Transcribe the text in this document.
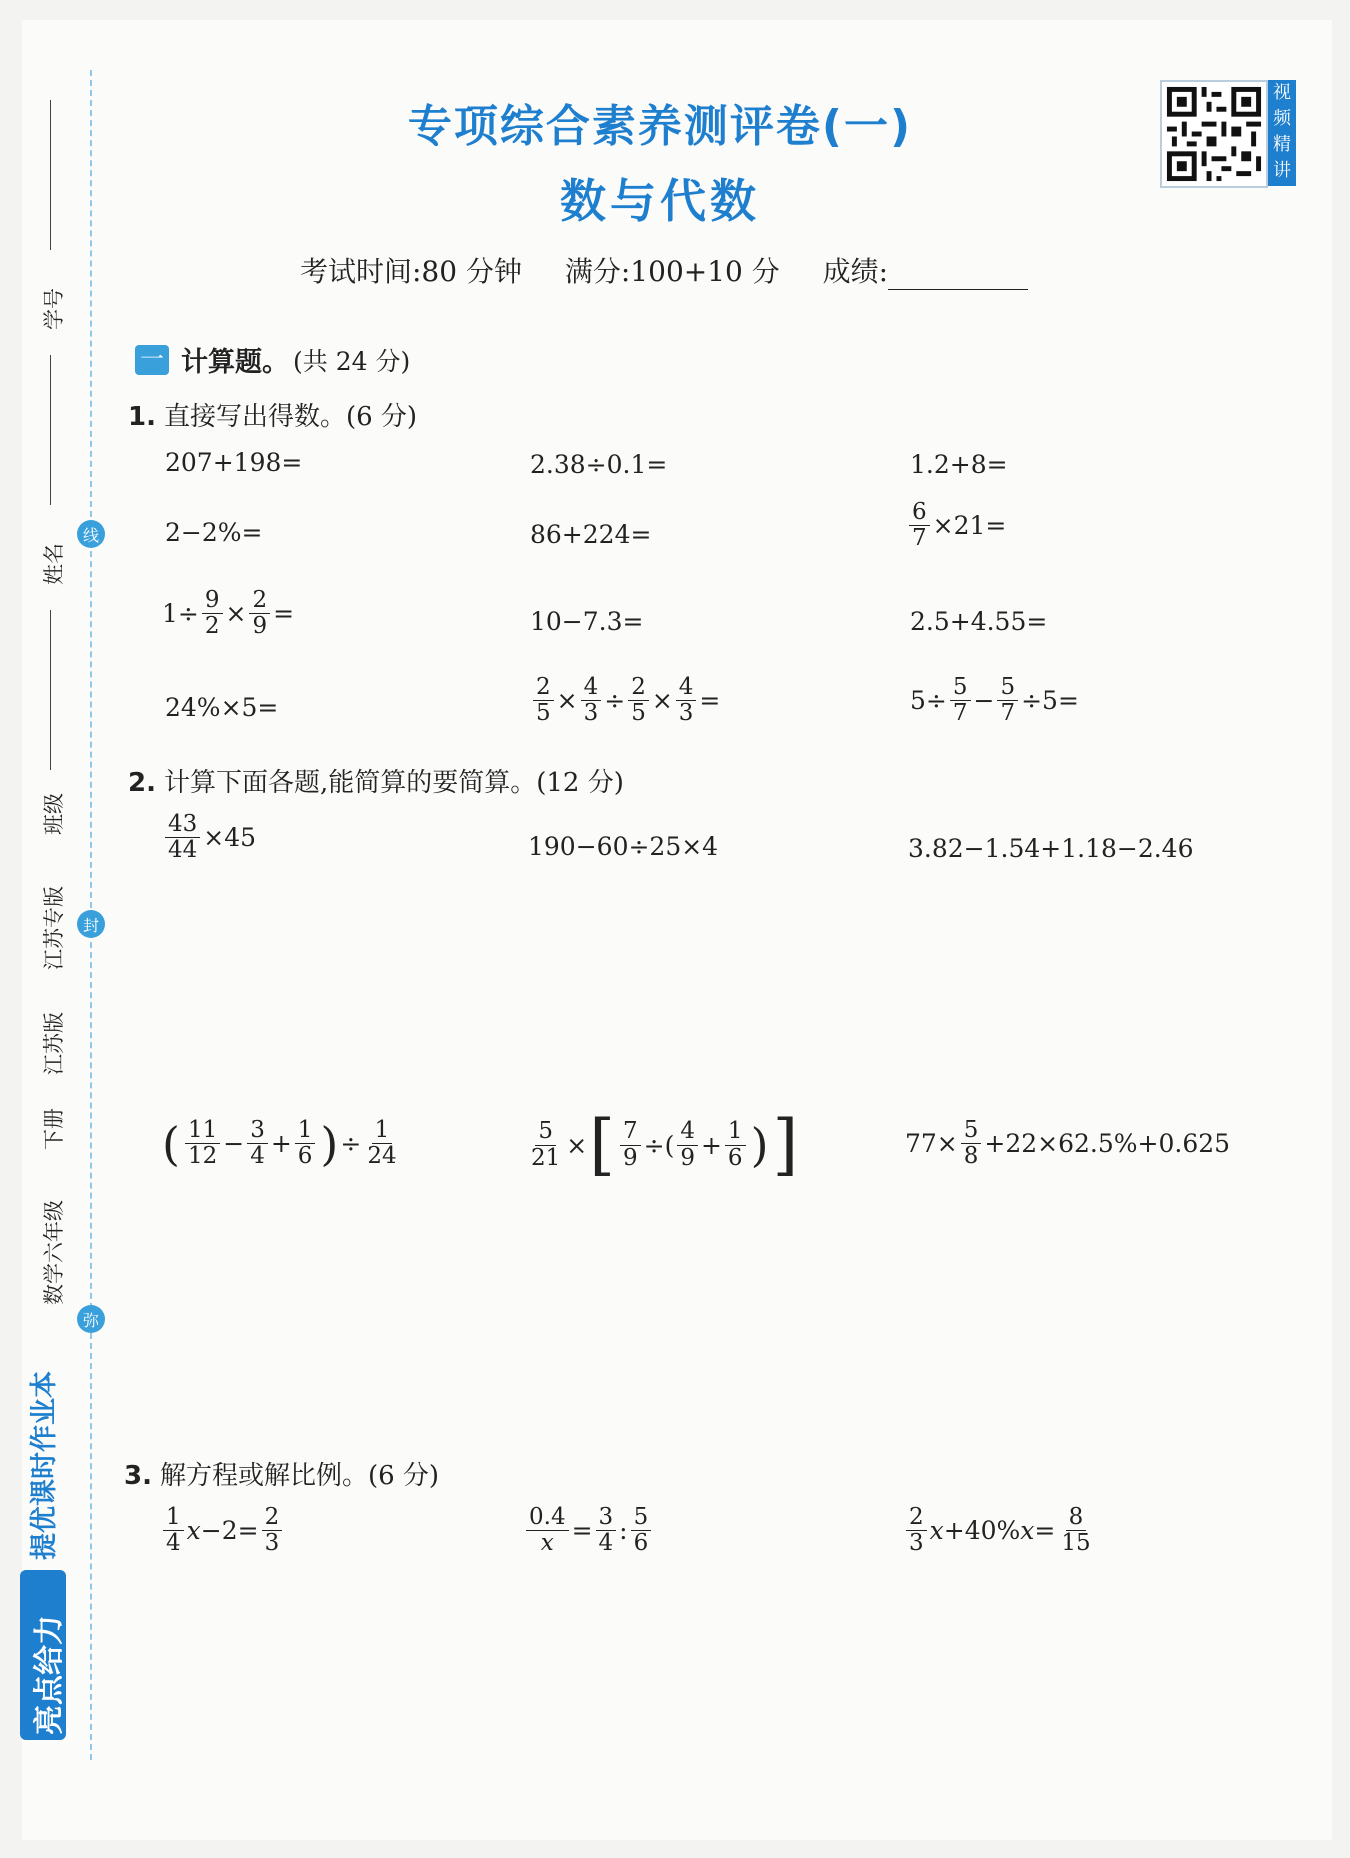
线
封
弥
学号
姓名
班级
江苏专版
江苏版
下册
数学六年级
提优课时作业本
亮点给力
专项综合素养测评卷(一)
数与代数
视频精讲
考试时间:80 分钟 满分:100+10 分 成绩:
一 计算题。 (共 24 分)
1. 直接写出得数。(6 分)
207+198=	2.38÷0.1=	1.2+8=
2−2%=	86+224=	$\frac{6}{7} \times 21=$
$1\div \frac{9}{2} \times \frac{2}{9}$ =	10−7.3=	2.5+4.55=
24%×5=	$\frac{2}{5} \times \frac{4}{3} \div \frac{2}{5} \times \frac{4}{3}$ =	$5\div \frac{5}{7} - \frac{5}{7} \div 5=$
2. 计算下面各题,能简算的要简算。(12 分)
$\frac{43}{44} \times 45$	190−60÷25×4	3.82−1.54+1.18−2.46
( $\frac{11}{12} - \frac{3}{4} + \frac{1}{6}$ ) ÷ $\frac{1}{24}$	$\frac{5}{21}$ × [ $\frac{7}{9}$ ÷( $\frac{4}{9} + \frac{1}{6}$ ) ]	$77\times \frac{5}{8} +22\times 62.5\%+0.625$
3. 解方程或解比例。(6 分)
$\frac{1}{4}$ $x -2= \frac{2}{3}$	$\frac{0.4}{x} = \frac{3}{4}$ : $\frac{5}{6}$	$\frac{2}{3}$ x +40% $x = \frac{8}{15}$
